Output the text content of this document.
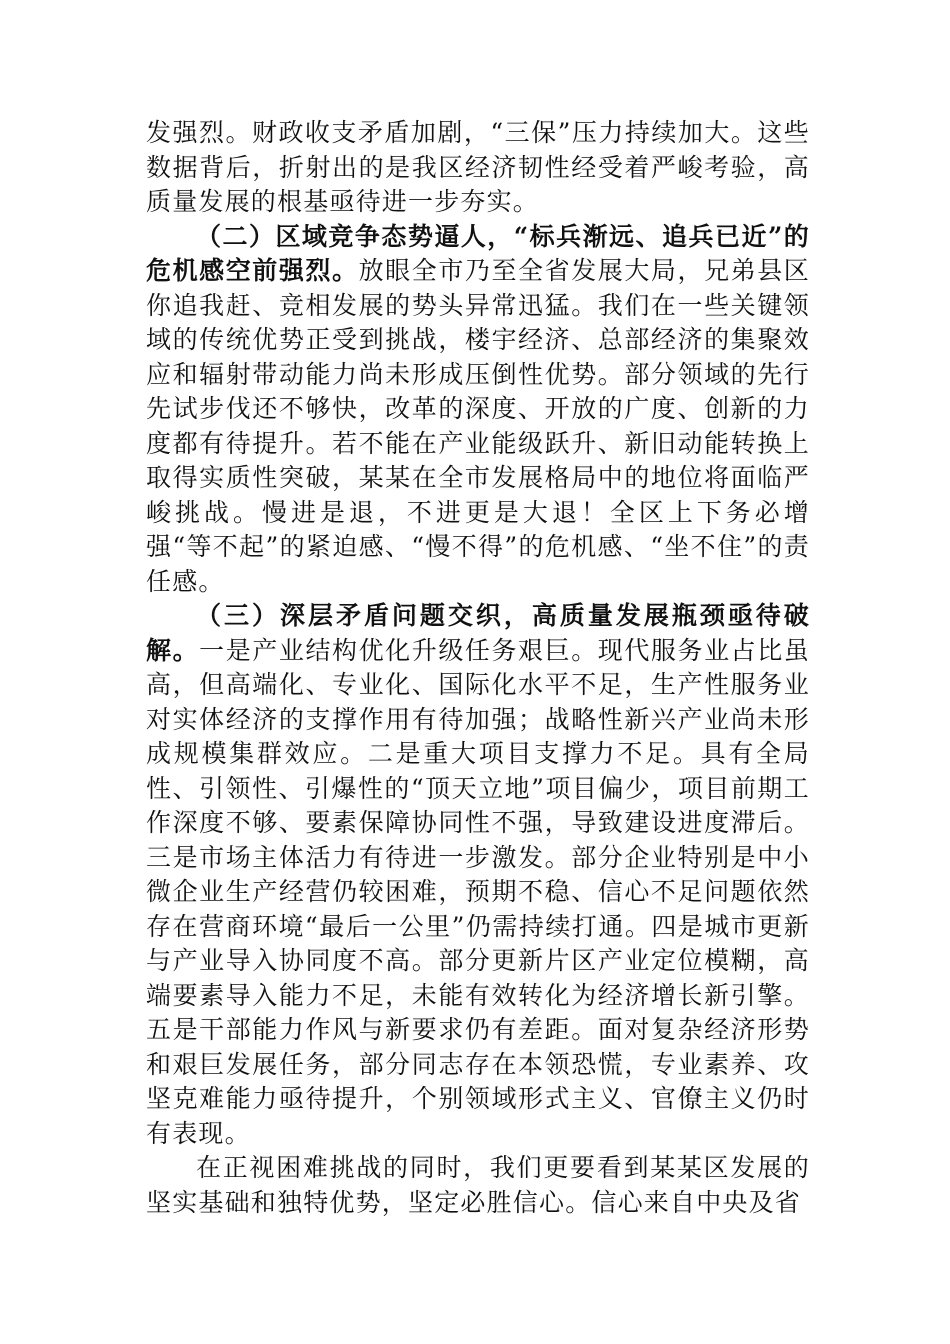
发强烈。财政收支矛盾加剧，“三保”压力持续加大。这些数据背后，折射出的是我区经济韧性经受着严峻考验，高质量发展的根基亟待进一步夯实。

（二）区域竞争态势逼人，“标兵渐远、追兵已近”的危机感空前强烈。放眼全市乃至全省发展大局，兄弟县区你追我赶、竞相发展的势头异常迅猛。我们在一些关键领域的传统优势正受到挑战，楼宇经济、总部经济的集聚效应和辐射带动能力尚未形成压倒性优势。部分领域的先行先试步伐还不够快，改革的深度、开放的广度、创新的力度都有待提升。若不能在产业能级跃升、新旧动能转换上取得实质性突破，某某在全市发展格局中的地位将面临严峻挑战。慢进是退，不进更是大退！全区上下务必增强“等不起”的紧迫感、“慢不得”的危机感、“坐不住”的责任感。

（三）深层矛盾问题交织，高质量发展瓶颈亟待破解。一是产业结构优化升级任务艰巨。现代服务业占比虽高，但高端化、专业化、国际化水平不足，生产性服务业对实体经济的支撑作用有待加强；战略性新兴产业尚未形成规模集群效应。二是重大项目支撑力不足。具有全局性、引领性、引爆性的“顶天立地”项目偏少，项目前期工作深度不够、要素保障协同性不强，导致建设进度滞后。三是市场主体活力有待进一步激发。部分企业特别是中小微企业生产经营仍较困难，预期不稳、信心不足问题依然存在营商环境“最后一公里”仍需持续打通。四是城市更新与产业导入协同度不高。部分更新片区产业定位模糊，高端要素导入能力不足，未能有效转化为经济增长新引擎。五是干部能力作风与新要求仍有差距。面对复杂经济形势和艰巨发展任务，部分同志存在本领恐慌，专业素养、攻坚克难能力亟待提升，个别领域形式主义、官僚主义仍时有表现。

在正视困难挑战的同时，我们更要看到某某区发展的坚实基础和独特优势，坚定必胜信心。信心来自中央及省
